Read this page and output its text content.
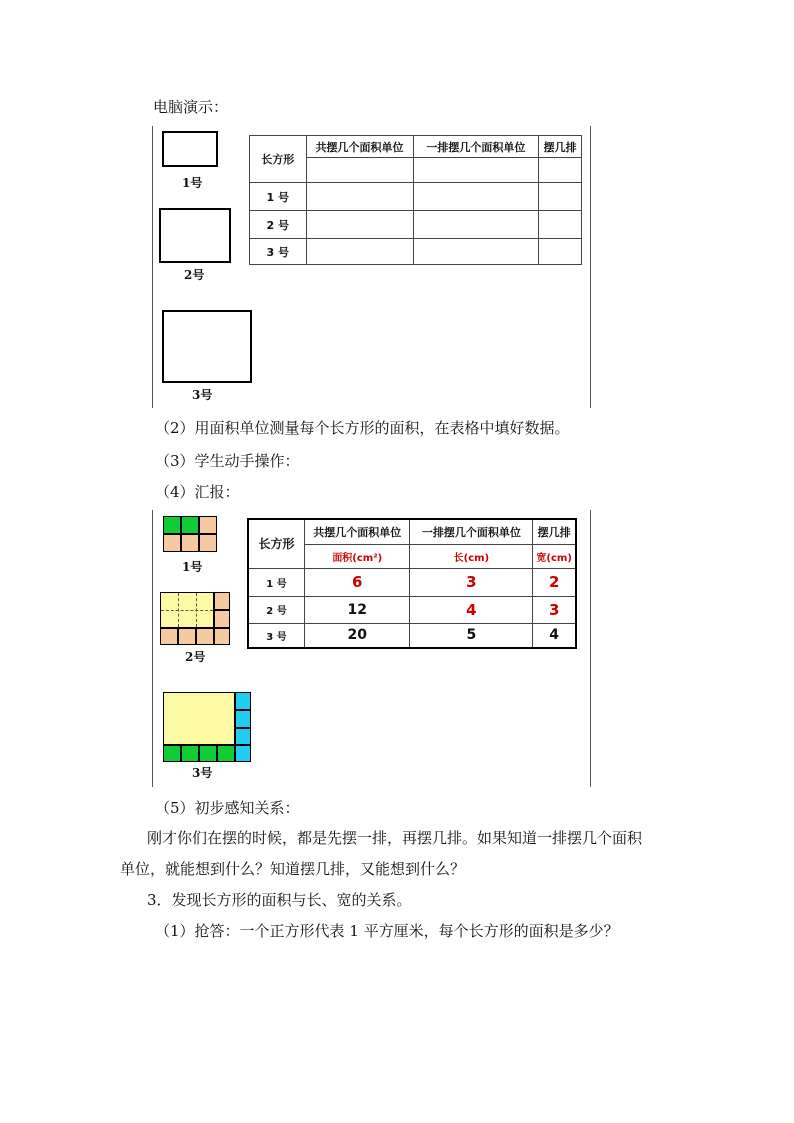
电脑演示：
1号
2号
3号
长方形	共摆几个面积单位	一排摆几个面积单位	摆几排

1 号			
2 号			
3 号			
（2）用面积单位测量每个长方形的面积，在表格中填好数据。
（3）学生动手操作：
（4）汇报：
1号
2号
3号
长方形	共摆几个面积单位	一排摆几个面积单位	摆几排
	面积(cm²)	长(cm)	宽(cm)
1 号	6	3	2
2 号	12	4	3
3 号	20	5	4
（5）初步感知关系：
刚才你们在摆的时候，都是先摆一排，再摆几排。如果知道一排摆几个面积
单位，就能想到什么？知道摆几排，又能想到什么？
3．发现长方形的面积与长、宽的关系。
（1）抢答：一个正方形代表 1 平方厘米，每个长方形的面积是多少？
